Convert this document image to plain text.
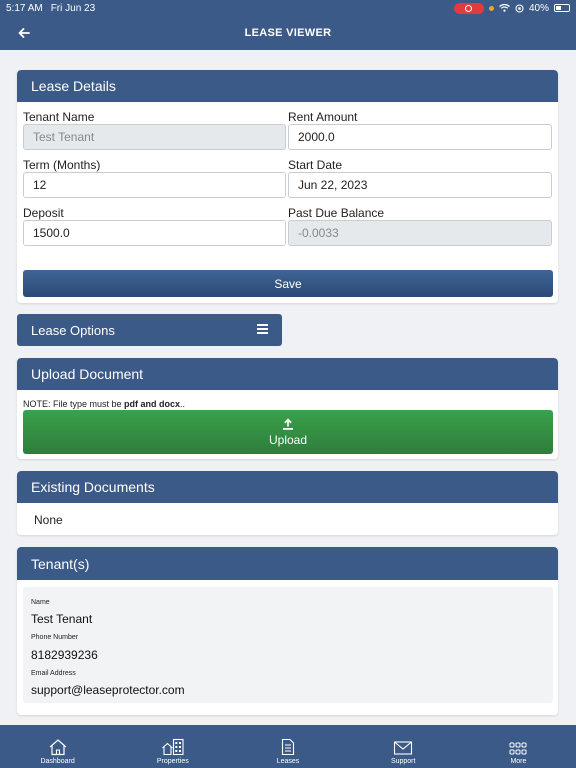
5:17 AM Fri Jun 23	40%
LEASE VIEWER
Lease Details
Tenant Name
Test Tenant
Rent Amount
2000.0
Term (Months)
12
Start Date
Jun 22, 2023
Deposit
1500.0
Past Due Balance
-0.0033
Save
Lease Options
Upload Document
NOTE: File type must be pdf and docx..
Upload
Existing Documents
None
Tenant(s)
Name
Test Tenant
Phone Number
8182939236
Email Address
support@leaseprotector.com
Dashboard	Properties	Leases	Support	More
